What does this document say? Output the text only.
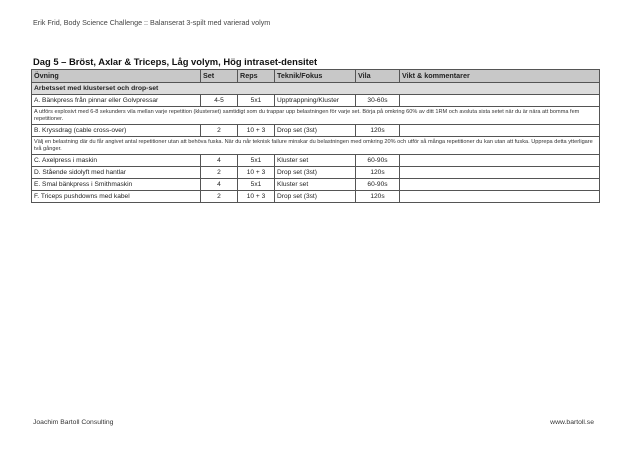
Erik Frid, Body Science Challenge :: Balanserat 3-spilt med varierad volym
Dag 5 – Bröst, Axlar & Triceps, Låg volym, Hög intraset-densitet
Övning	Set	Reps	Teknik/Fokus	Vila	Vikt & kommentarer
Arbetsset med klusterset och drop-set					
A. Bänkpress från pinnar eller Golvpressar	4-5	5x1	Upptrappning/Kluster	30-60s	
A utförs explosivt med 6-8 sekunders vila mellan varje repetition (klusterset) samtidigt som du trappar upp belastningen för varje set. Börja på omkring 60% av ditt 1RM och avsluta sista setet när du är nära att bomma fem repetitioner.					
B. Kryssdrag (cable cross-over)	2	10 + 3	Drop set (3st)	120s	
Välj en belastning där du får angivet antal repetitioner utan att behöva fuska. När du når teknisk failure minskar du belastningen med omkring 20% och utför så många repetitioner du kan utan att fuska. Upprepa detta ytterligare två gånger.					
C. Axelpress i maskin	4	5x1	Kluster set	60-90s	
D. Stående sidolyft med hantlar	2	10 + 3	Drop set (3st)	120s	
E. Smal bänkpress i Smithmaskin	4	5x1	Kluster set	60-90s	
F. Triceps pushdowns med kabel	2	10 + 3	Drop set (3st)	120s	
Joachim Bartoll Consulting	www.bartoll.se
